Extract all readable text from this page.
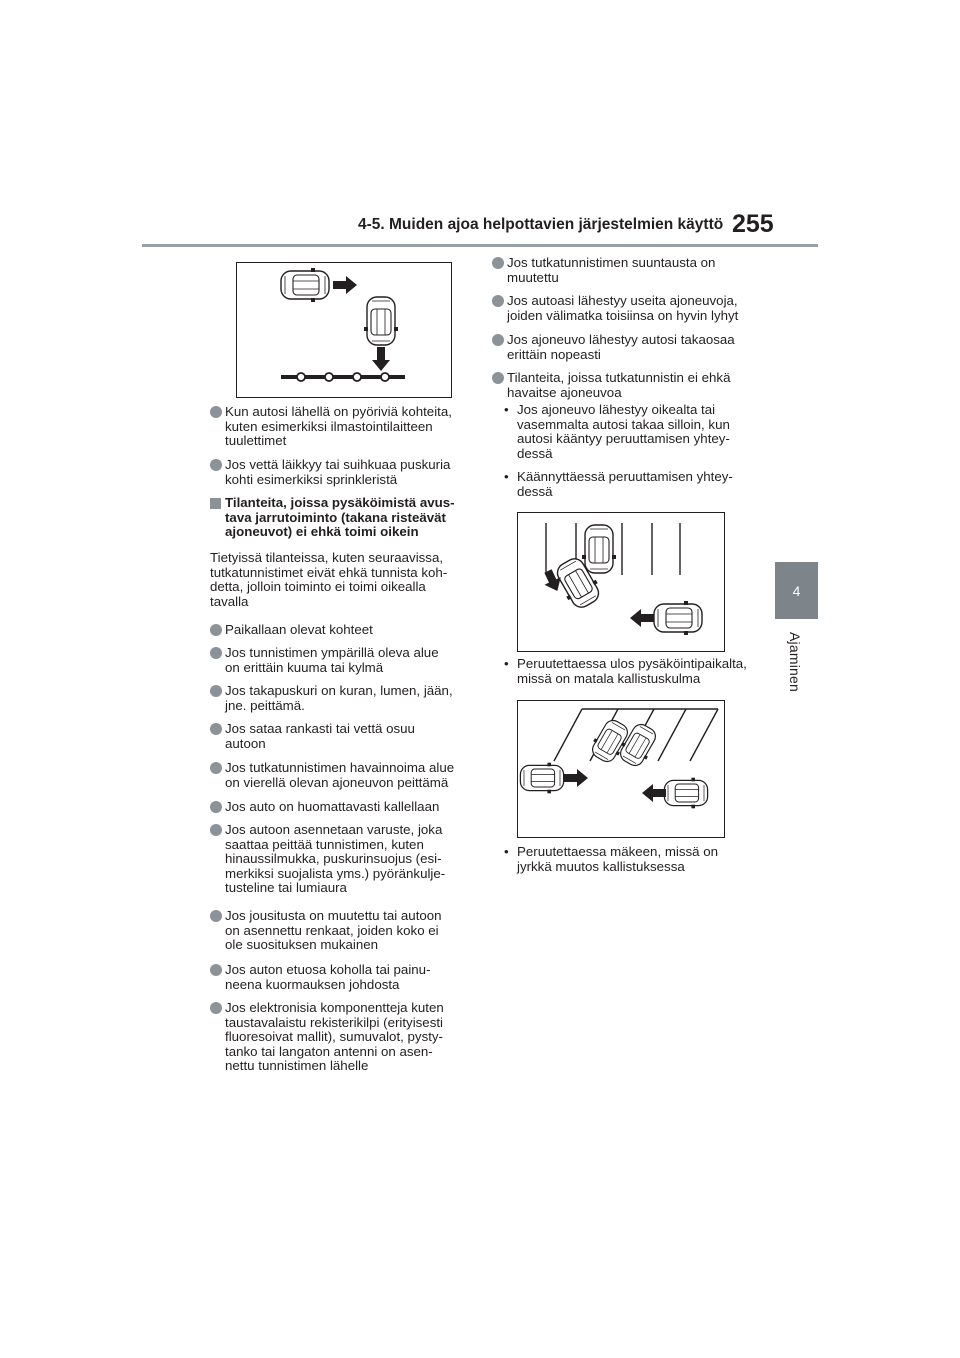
4-5. Muiden ajoa helpottavien järjestelmien käyttö 255
4
Ajaminen
Kun autosi lähellä on pyöriviä kohteita,
kuten esimerkiksi ilmastointilaitteen
tuulettimet
Jos vettä läikkyy tai suihkuaa puskuria
kohti esimerkiksi sprinkleristä
Tilanteita, joissa pysäköimistä avus-
tava jarrutoiminto (takana risteävät
ajoneuvot) ei ehkä toimi oikein
Tietyissä tilanteissa, kuten seuraavissa,
tutkatunnistimet eivät ehkä tunnista koh-
detta, jolloin toiminto ei toimi oikealla
tavalla
Paikallaan olevat kohteet
Jos tunnistimen ympärillä oleva alue
on erittäin kuuma tai kylmä
Jos takapuskuri on kuran, lumen, jään,
jne. peittämä.
Jos sataa rankasti tai vettä osuu
autoon
Jos tutkatunnistimen havainnoima alue
on vierellä olevan ajoneuvon peittämä
Jos auto on huomattavasti kallellaan
Jos autoon asennetaan varuste, joka
saattaa peittää tunnistimen, kuten
hinaussilmukka, puskurinsuojus (esi-
merkiksi suojalista yms.) pyöränkulje-
tusteline tai lumiaura
Jos jousitusta on muutettu tai autoon
on asennettu renkaat, joiden koko ei
ole suosituksen mukainen
Jos auton etuosa koholla tai painu-
neena kuormauksen johdosta
Jos elektronisia komponentteja kuten
taustavalaistu rekisterikilpi (erityisesti
fluoresoivat mallit), sumuvalot, pysty-
tanko tai langaton antenni on asen-
nettu tunnistimen lähelle
Jos tutkatunnistimen suuntausta on
muutettu
Jos autoasi lähestyy useita ajoneuvoja,
joiden välimatka toisiinsa on hyvin lyhyt
Jos ajoneuvo lähestyy autosi takaosaa
erittäin nopeasti
Tilanteita, joissa tutkatunnistin ei ehkä
havaitse ajoneuvoa
• Jos ajoneuvo lähestyy oikealta tai
vasemmalta autosi takaa silloin, kun
autosi kääntyy peruuttamisen yhtey-
dessä
• Käännyttäessä peruuttamisen yhtey-
dessä
• Peruutettaessa ulos pysäköintipaikalta,
missä on matala kallistuskulma
• Peruutettaessa mäkeen, missä on
jyrkkä muutos kallistuksessa
